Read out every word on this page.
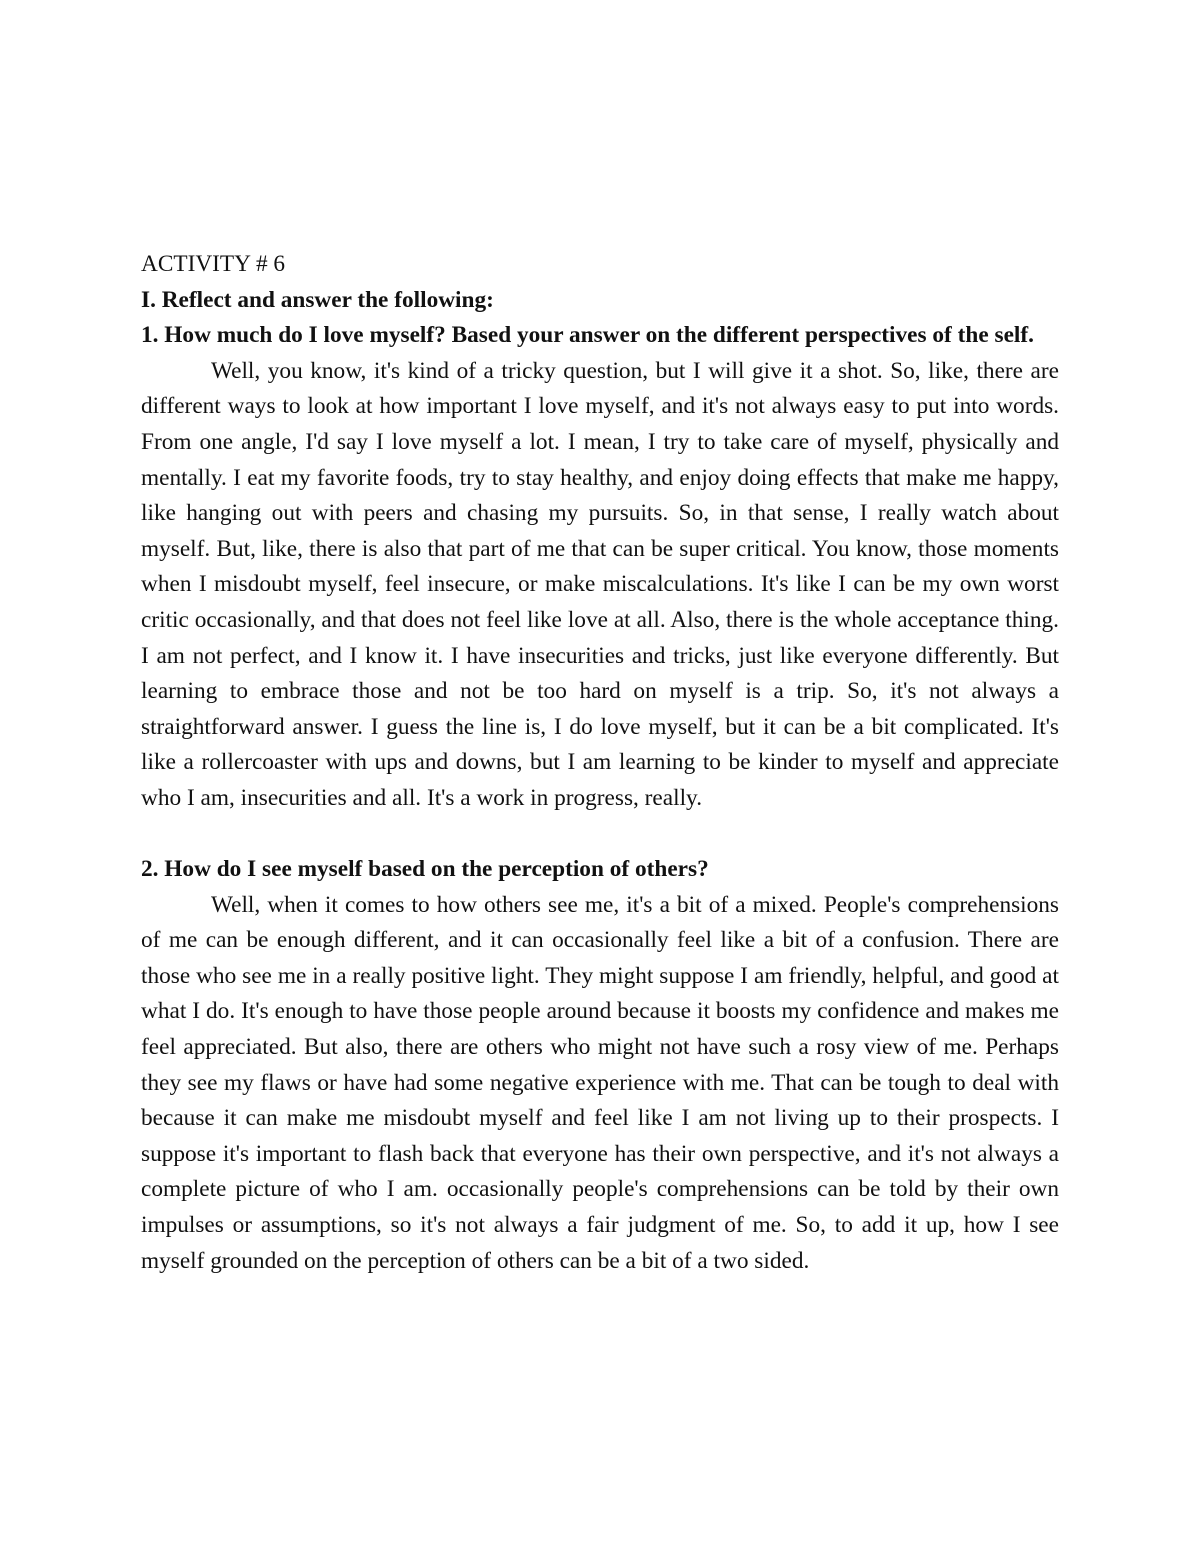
ACTIVITY # 6

I. Reflect and answer the following:

1. How much do I love myself? Based your answer on the different perspectives of the self.

Well, you know, it's kind of a tricky question, but I will give it a shot. So, like, there are different ways to look at how important I love myself, and it's not always easy to put into words. From one angle, I'd say I love myself a lot. I mean, I try to take care of myself, physically and mentally. I eat my favorite foods, try to stay healthy, and enjoy doing effects that make me happy, like hanging out with peers and chasing my pursuits. So, in that sense, I really watch about myself. But, like, there is also that part of me that can be super critical. You know, those moments when I misdoubt myself, feel insecure, or make miscalculations. It's like I can be my own worst critic occasionally, and that does not feel like love at all. Also, there is the whole acceptance thing. I am not perfect, and I know it. I have insecurities and tricks, just like everyone differently. But learning to embrace those and not be too hard on myself is a trip. So, it's not always a straightforward answer. I guess the line is, I do love myself, but it can be a bit complicated. It's like a rollercoaster with ups and downs, but I am learning to be kinder to myself and appreciate who I am, insecurities and all. It's a work in progress, really.

2. How do I see myself based on the perception of others?

Well, when it comes to how others see me, it's a bit of a mixed. People's comprehensions of me can be enough different, and it can occasionally feel like a bit of a confusion. There are those who see me in a really positive light. They might suppose I am friendly, helpful, and good at what I do. It's enough to have those people around because it boosts my confidence and makes me feel appreciated. But also, there are others who might not have such a rosy view of me. Perhaps they see my flaws or have had some negative experience with me. That can be tough to deal with because it can make me misdoubt myself and feel like I am not living up to their prospects. I suppose it's important to flash back that everyone has their own perspective, and it's not always a complete picture of who I am. occasionally people's comprehensions can be told by their own impulses or assumptions, so it's not always a fair judgment of me. So, to add it up, how I see myself grounded on the perception of others can be a bit of a two sided.
